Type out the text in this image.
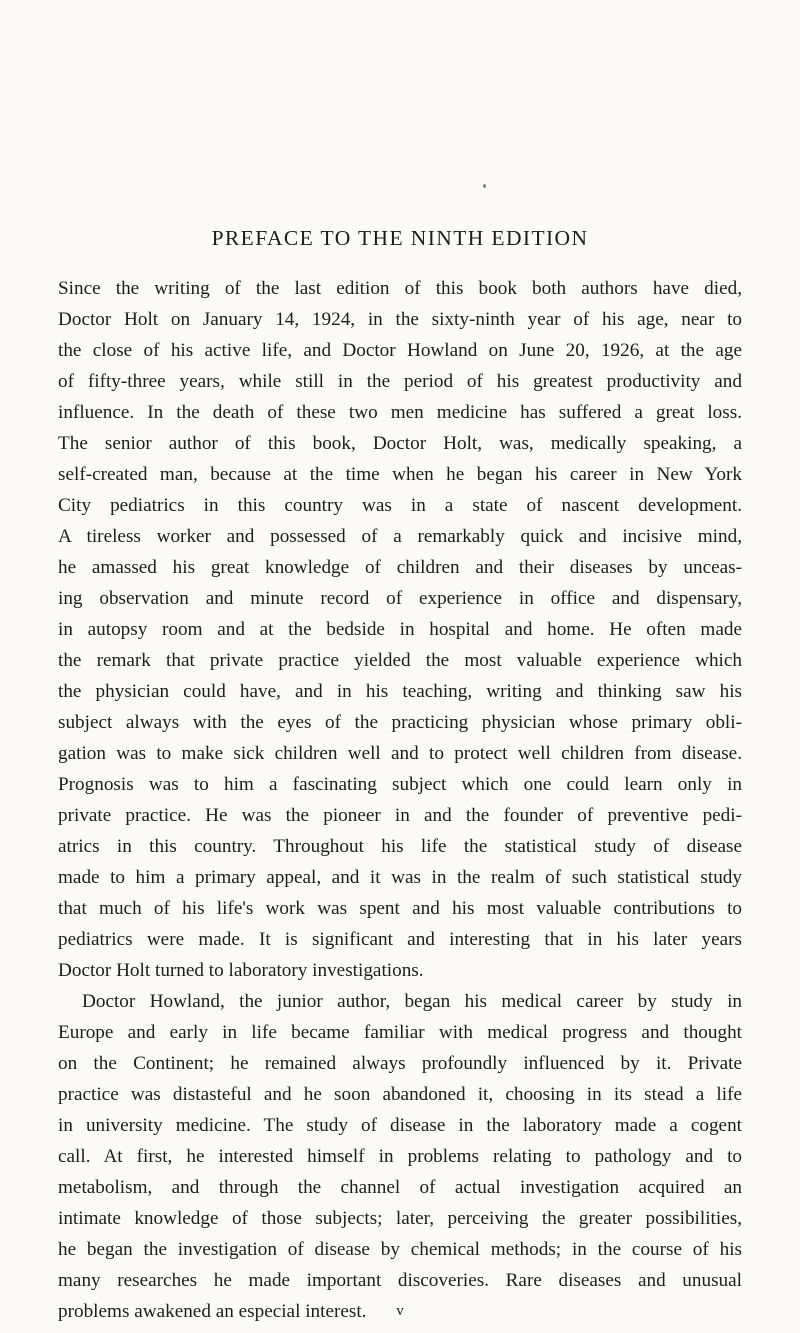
PREFACE TO THE NINTH EDITION
Since the writing of the last edition of this book both authors have died,
Doctor Holt on January 14, 1924, in the sixty-ninth year of his age, near to
the close of his active life, and Doctor Howland on June 20, 1926, at the age
of fifty-three years, while still in the period of his greatest productivity and
influence. In the death of these two men medicine has suffered a great loss.
The senior author of this book, Doctor Holt, was, medically speaking, a
self-created man, because at the time when he began his career in New York
City pediatrics in this country was in a state of nascent development.
A tireless worker and possessed of a remarkably quick and incisive mind,
he amassed his great knowledge of children and their diseases by unceas-
ing observation and minute record of experience in office and dispensary,
in autopsy room and at the bedside in hospital and home. He often made
the remark that private practice yielded the most valuable experience which
the physician could have, and in his teaching, writing and thinking saw his
subject always with the eyes of the practicing physician whose primary obli-
gation was to make sick children well and to protect well children from disease.
Prognosis was to him a fascinating subject which one could learn only in
private practice. He was the pioneer in and the founder of preventive pedi-
atrics in this country. Throughout his life the statistical study of disease
made to him a primary appeal, and it was in the realm of such statistical study
that much of his life's work was spent and his most valuable contributions to
pediatrics were made. It is significant and interesting that in his later years
Doctor Holt turned to laboratory investigations.
Doctor Howland, the junior author, began his medical career by study in
Europe and early in life became familiar with medical progress and thought
on the Continent; he remained always profoundly influenced by it. Private
practice was distasteful and he soon abandoned it, choosing in its stead a life
in university medicine. The study of disease in the laboratory made a cogent
call. At first, he interested himself in problems relating to pathology and to
metabolism, and through the channel of actual investigation acquired an
intimate knowledge of those subjects; later, perceiving the greater possibilities,
he began the investigation of disease by chemical methods; in the course of his
many researches he made important discoveries. Rare diseases and unusual
problems awakened an especial interest.	v
